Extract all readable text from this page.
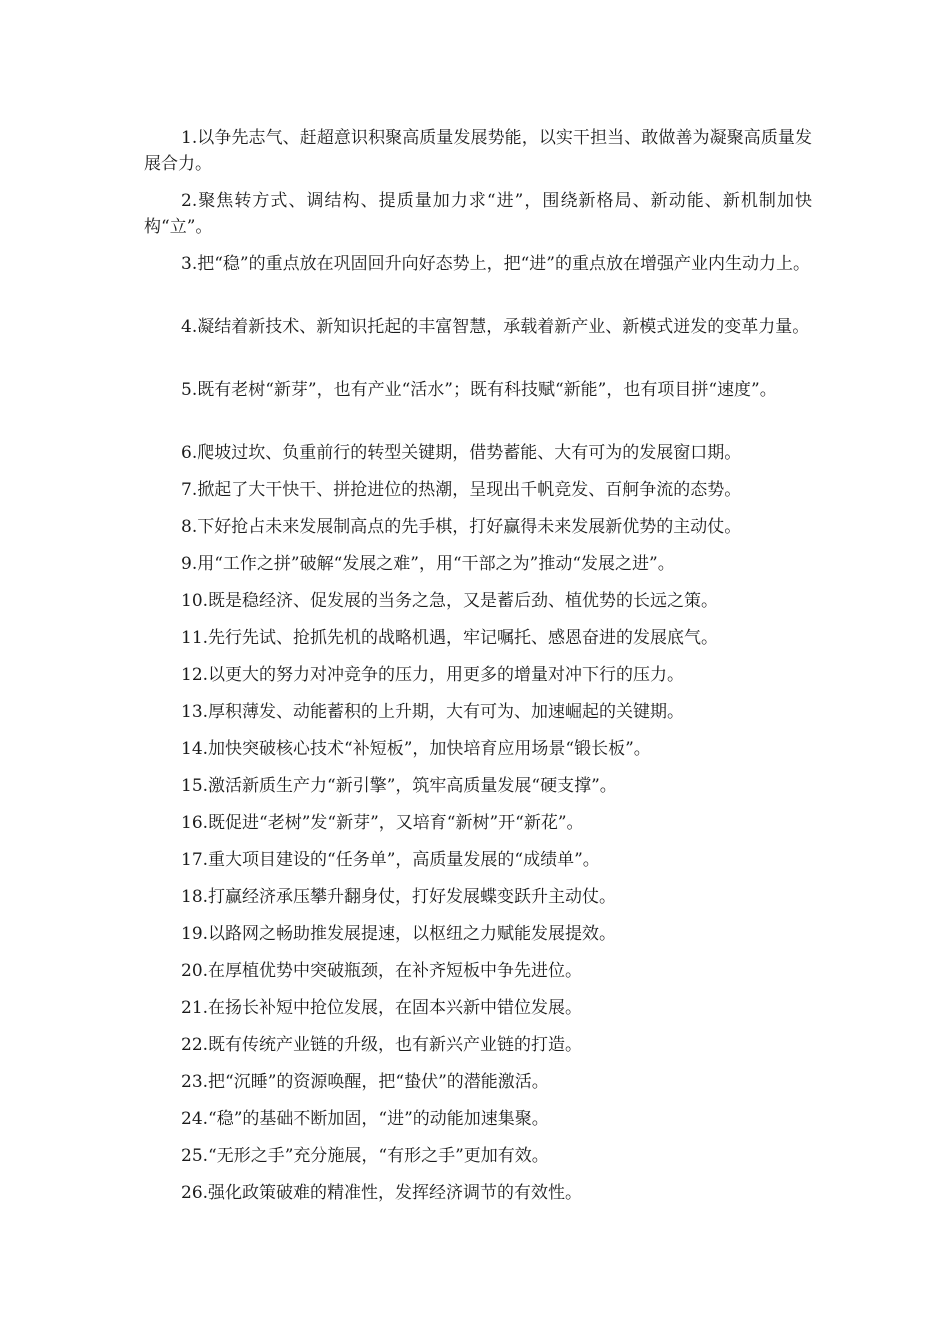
1.以争先志气、赶超意识积聚高质量发展势能，以实干担当、敢做善为凝聚高质量发展合力。

2.聚焦转方式、调结构、提质量加力求“进”，围绕新格局、新动能、新机制加快构“立”。

3.把“稳”的重点放在巩固回升向好态势上，把“进”的重点放在增强产业内生动力上。

4.凝结着新技术、新知识托起的丰富智慧，承载着新产业、新模式迸发的变革力量。

5.既有老树“新芽”，也有产业“活水”；既有科技赋“新能”，也有项目拼“速度”。

6.爬坡过坎、负重前行的转型关键期，借势蓄能、大有可为的发展窗口期。

7.掀起了大干快干、拼抢进位的热潮，呈现出千帆竞发、百舸争流的态势。

8.下好抢占未来发展制高点的先手棋，打好赢得未来发展新优势的主动仗。

9.用“工作之拼”破解“发展之难”，用“干部之为”推动“发展之进”。

10.既是稳经济、促发展的当务之急，又是蓄后劲、植优势的长远之策。

11.先行先试、抢抓先机的战略机遇，牢记嘱托、感恩奋进的发展底气。

12.以更大的努力对冲竞争的压力，用更多的增量对冲下行的压力。

13.厚积薄发、动能蓄积的上升期，大有可为、加速崛起的关键期。

14.加快突破核心技术“补短板”，加快培育应用场景“锻长板”。

15.激活新质生产力“新引擎”，筑牢高质量发展“硬支撑”。

16.既促进“老树”发“新芽”，又培育“新树”开“新花”。

17.重大项目建设的“任务单”，高质量发展的“成绩单”。

18.打赢经济承压攀升翻身仗，打好发展蝶变跃升主动仗。

19.以路网之畅助推发展提速，以枢纽之力赋能发展提效。

20.在厚植优势中突破瓶颈，在补齐短板中争先进位。

21.在扬长补短中抢位发展，在固本兴新中错位发展。

22.既有传统产业链的升级，也有新兴产业链的打造。

23.把“沉睡”的资源唤醒，把“蛰伏”的潜能激活。

24.“稳”的基础不断加固，“进”的动能加速集聚。

25.“无形之手”充分施展，“有形之手”更加有效。

26.强化政策破难的精准性，发挥经济调节的有效性。
